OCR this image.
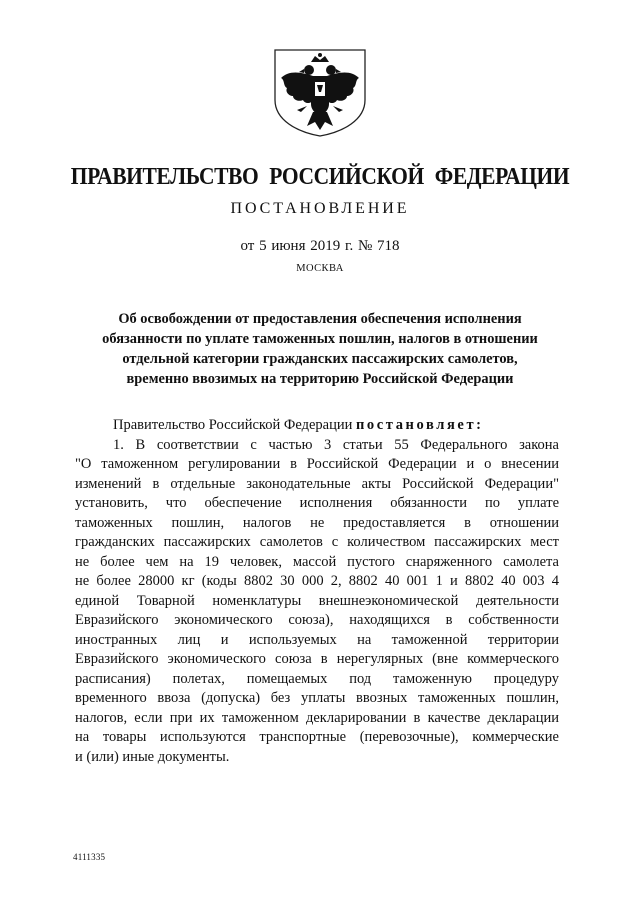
ПРАВИТЕЛЬСТВО РОССИЙСКОЙ ФЕДЕРАЦИИ
ПОСТАНОВЛЕНИЕ
от 5 июня 2019 г. № 718
МОСКВА
Об освобождении от предоставления обеспечения исполнения
обязанности по уплате таможенных пошлин, налогов в отношении
отдельной категории гражданских пассажирских самолетов,
временно ввозимых на территорию Российской Федерации
Правительство Российской Федерации постановляет:
1. В соответствии с частью 3 статьи 55 Федерального закона
"О таможенном регулировании в Российской Федерации и о внесении
изменений в отдельные законодательные акты Российской Федерации"
установить, что обеспечение исполнения обязанности по уплате
таможенных пошлин, налогов не предоставляется в отношении
гражданских пассажирских самолетов с количеством пассажирских мест
не более чем на 19 человек, массой пустого снаряженного самолета
не более 28000 кг (коды 8802 30 000 2, 8802 40 001 1 и 8802 40 003 4
единой Товарной номенклатуры внешнеэкономической деятельности
Евразийского экономического союза), находящихся в собственности
иностранных лиц и используемых на таможенной территории
Евразийского экономического союза в нерегулярных (вне коммерческого
расписания) полетах, помещаемых под таможенную процедуру
временного ввоза (допуска) без уплаты ввозных таможенных пошлин,
налогов, если при их таможенном декларировании в качестве декларации
на товары используются транспортные (перевозочные), коммерческие
и (или) иные документы.
4111335
